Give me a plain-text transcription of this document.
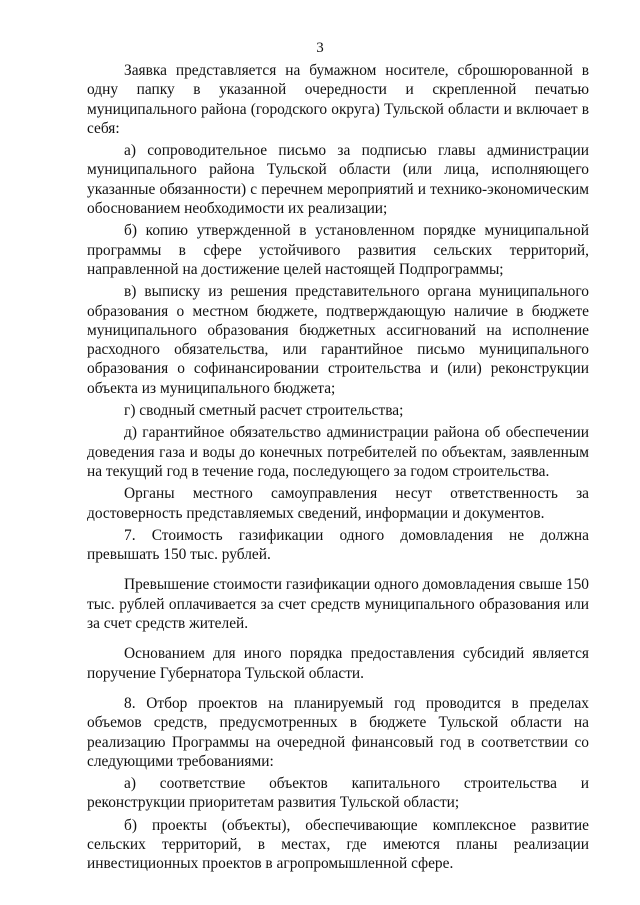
3

Заявка представляется на бумажном носителе, сброшюрованной в одну папку в указанной очередности и скрепленной печатью муниципального района (городского округа) Тульской области и включает в себя:

а) сопроводительное письмо за подписью главы администрации муниципального района Тульской области (или лица, исполняющего указанные обязанности) с перечнем мероприятий и технико-экономическим обоснованием необходимости их реализации;

б) копию утвержденной в установленном порядке муниципальной программы в сфере устойчивого развития сельских территорий, направленной на достижение целей настоящей Подпрограммы;

в) выписку из решения представительного органа муниципального образования о местном бюджете, подтверждающую наличие в бюджете муниципального образования бюджетных ассигнований на исполнение расходного обязательства, или гарантийное письмо муниципального образования о софинансировании строительства и (или) реконструкции объекта из муниципального бюджета;

г) сводный сметный расчет строительства;

д) гарантийное обязательство администрации района об обеспечении доведения газа и воды до конечных потребителей по объектам, заявленным на текущий год в течение года, последующего за годом строительства.

Органы местного самоуправления несут ответственность за достоверность представляемых сведений, информации и документов.

7. Стоимость газификации одного домовладения не должна превышать 150 тыс. рублей.

Превышение стоимости газификации одного домовладения свыше 150 тыс. рублей оплачивается за счет средств муниципального образования или за счет средств жителей.

Основанием для иного порядка предоставления субсидий является поручение Губернатора Тульской области.

8. Отбор проектов на планируемый год проводится в пределах объемов средств, предусмотренных в бюджете Тульской области на реализацию Программы на очередной финансовый год в соответствии со следующими требованиями:

а) соответствие объектов капитального строительства и реконструкции приоритетам развития Тульской области;

б) проекты (объекты), обеспечивающие комплексное развитие сельских территорий, в местах, где имеются планы реализации инвестиционных проектов в агропромышленной сфере.
